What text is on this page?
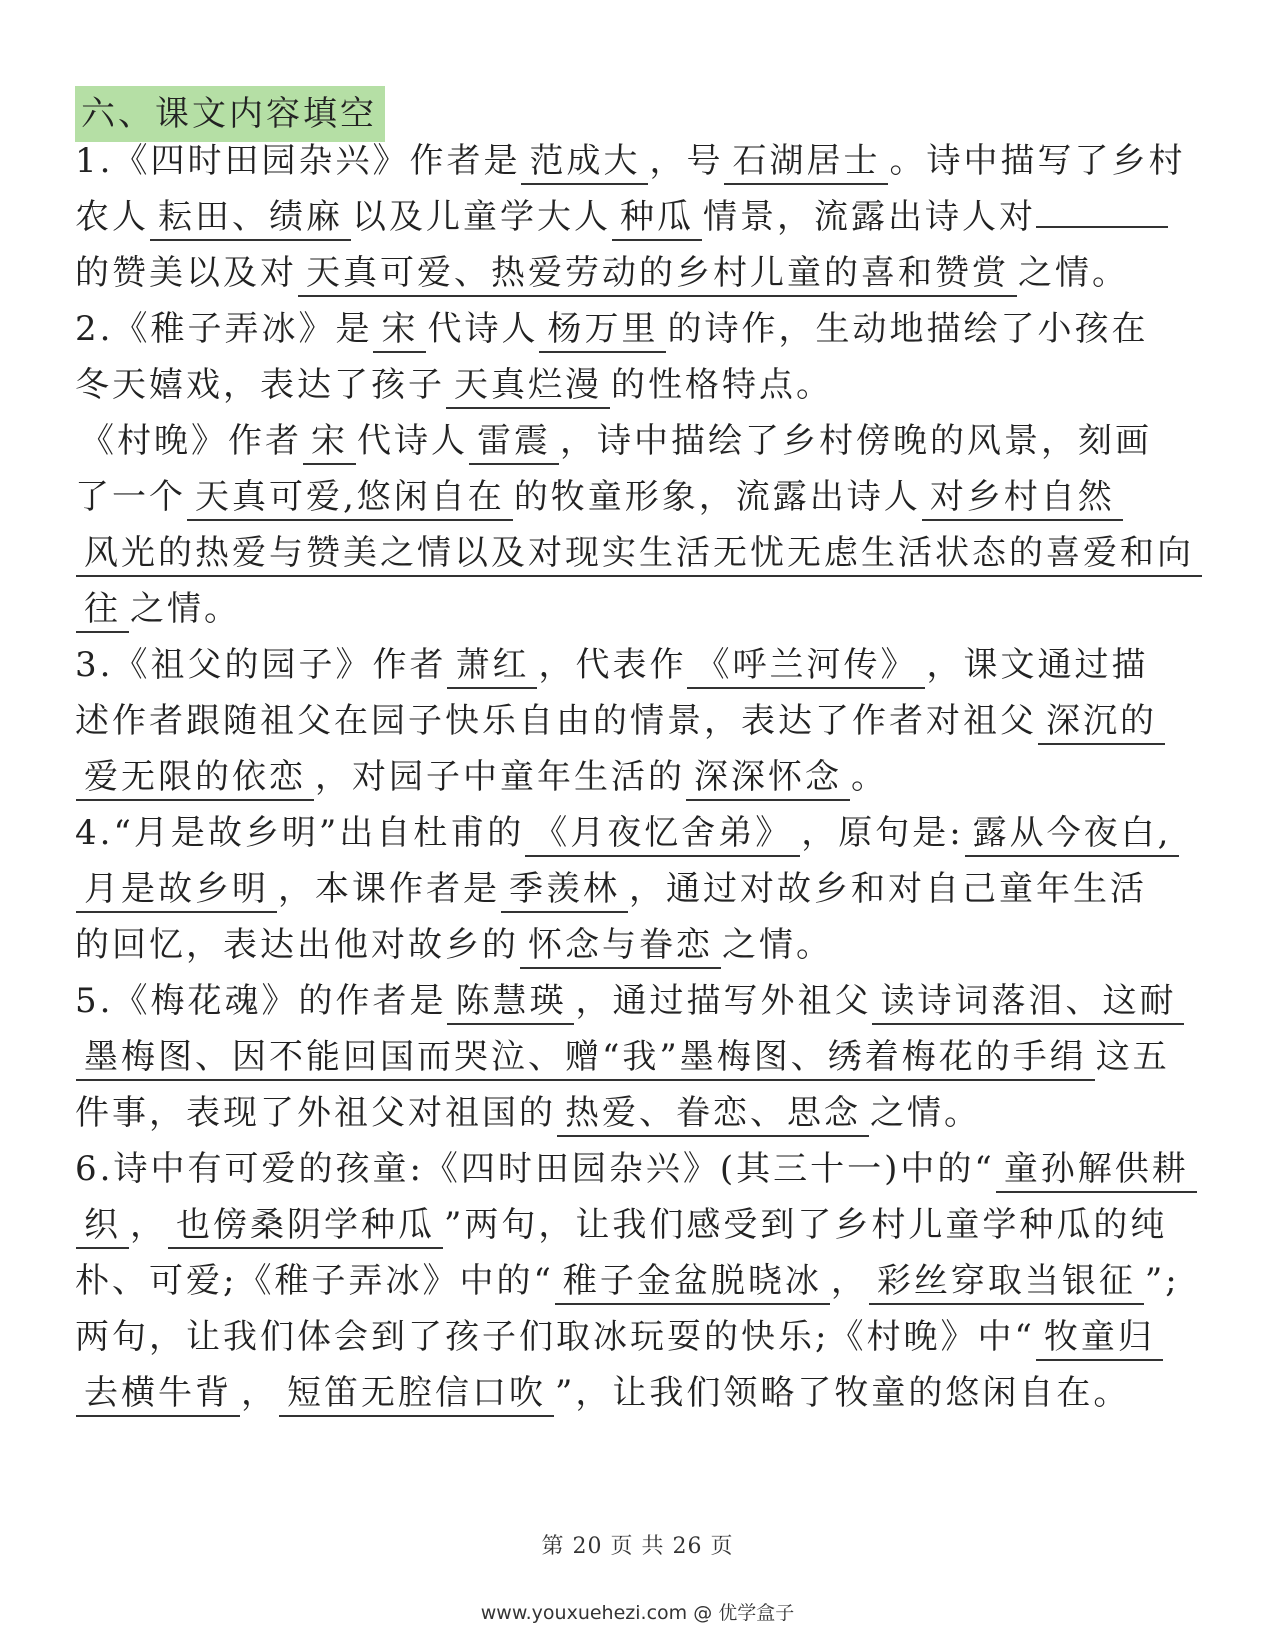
六、课文内容填空
1.《四时田园杂兴》作者是 范成大 ，号 石湖居士 。诗中描写了乡村
农人 耘田、绩麻 以及儿童学大人 种瓜 情景，流露出诗人对
的赞美以及对 天真可爱、热爱劳动的乡村儿童的喜和赞赏 之情。
2.《稚子弄冰》是 宋 代诗人 杨万里 的诗作，生动地描绘了小孩在
冬天嬉戏，表达了孩子 天真烂漫 的性格特点。
《村晚》作者 宋 代诗人 雷震 ，诗中描绘了乡村傍晚的风景，刻画
了一个 天真可爱,悠闲自在 的牧童形象，流露出诗人 对乡村自然
风光的热爱与赞美之情以及对现实生活无忧无虑生活状态的喜爱和向
往 之情。
3.《祖父的园子》作者 萧红 ，代表作 《呼兰河传》 ，课文通过描
述作者跟随祖父在园子快乐自由的情景，表达了作者对祖父 深沉的
爱无限的依恋 ，对园子中童年生活的 深深怀念 。
4.“月是故乡明”出自杜甫的 《月夜忆舍弟》 ，原句是: 露从今夜白,
月是故乡明 ，本课作者是 季羡林 ，通过对故乡和对自己童年生活
的回忆，表达出他对故乡的 怀念与眷恋 之情。
5.《梅花魂》的作者是 陈慧瑛 ，通过描写外祖父 读诗词落泪、这耐
墨梅图、因不能回国而哭泣、赠“我”墨梅图、绣着梅花的手绢 这五
件事，表现了外祖父对祖国的 热爱、眷恋、思念 之情。
6.诗中有可爱的孩童:《四时田园杂兴》(其三十一)中的“ 童孙解供耕
织 ， 也傍桑阴学种瓜 ”两句，让我们感受到了乡村儿童学种瓜的纯
朴、可爱;《稚子弄冰》中的“ 稚子金盆脱晓冰 ， 彩丝穿取当银征 ”;
两句，让我们体会到了孩子们取冰玩耍的快乐;《村晚》中“ 牧童归
去横牛背 ， 短笛无腔信口吹 ”，让我们领略了牧童的悠闲自在。
第 20 页 共 26 页
www.youxuehezi.com @ 优学盒子
